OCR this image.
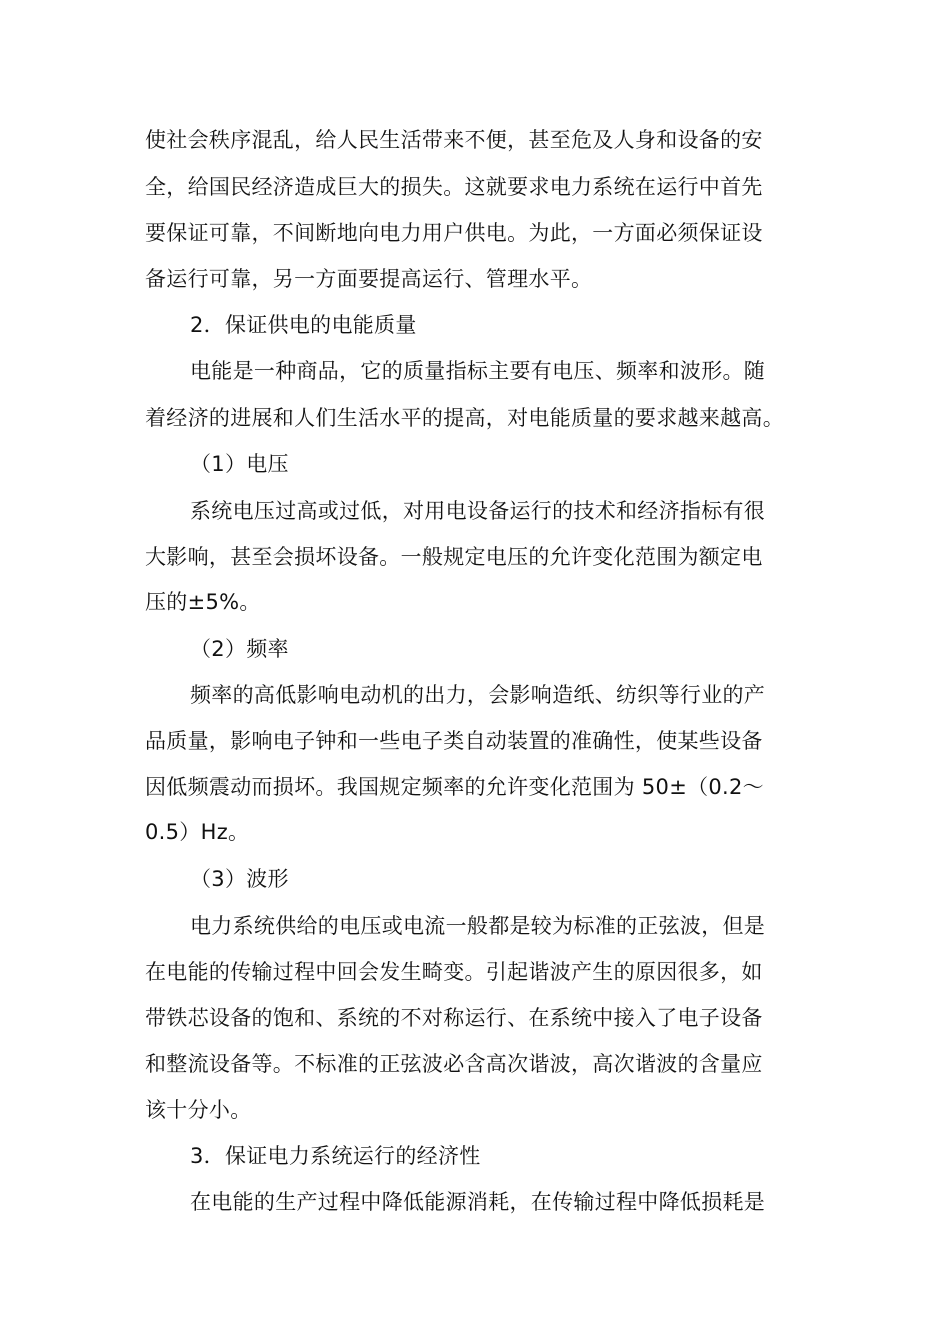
使社会秩序混乱，给人民生活带来不便，甚至危及人身和设备的安
全，给国民经济造成巨大的损失。这就要求电力系统在运行中首先
要保证可靠，不间断地向电力用户供电。为此，一方面必须保证设
备运行可靠，另一方面要提高运行、管理水平。
2．保证供电的电能质量
电能是一种商品，它的质量指标主要有电压、频率和波形。随
着经济的进展和人们生活水平的提高，对电能质量的要求越来越高。
（1）电压
系统电压过高或过低，对用电设备运行的技术和经济指标有很
大影响，甚至会损坏设备。一般规定电压的允许变化范围为额定电
压的±5%。
（2）频率
频率的高低影响电动机的出力，会影响造纸、纺织等行业的产
品质量，影响电子钟和一些电子类自动装置的准确性，使某些设备
因低频震动而损坏。我国规定频率的允许变化范围为 50±（0.2～
0.5）Hz。
（3）波形
电力系统供给的电压或电流一般都是较为标准的正弦波，但是
在电能的传输过程中回会发生畸变。引起谐波产生的原因很多，如
带铁芯设备的饱和、系统的不对称运行、在系统中接入了电子设备
和整流设备等。不标准的正弦波必含高次谐波，高次谐波的含量应
该十分小。
3．保证电力系统运行的经济性
在电能的生产过程中降低能源消耗，在传输过程中降低损耗是
